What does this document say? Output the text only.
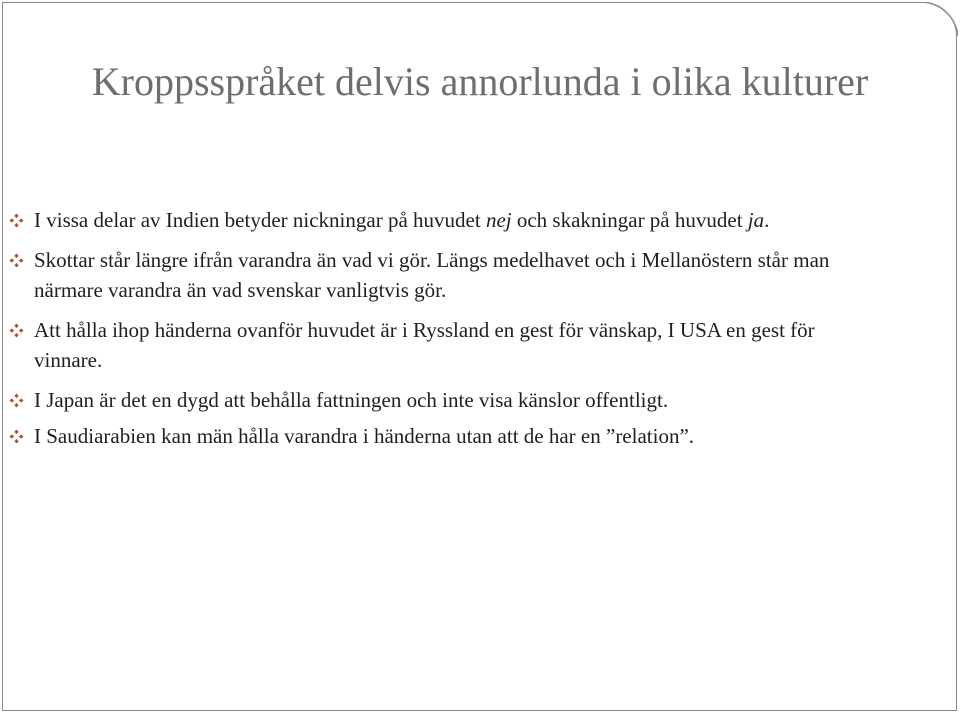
Kroppsspråket delvis annorlunda i olika kulturer
I vissa delar av Indien betyder nickningar på huvudet nej och skakningar på huvudet ja.
Skottar står längre ifrån varandra än vad vi gör. Längs medelhavet och i Mellanöstern står man närmare varandra än vad svenskar vanligtvis gör.
Att hålla ihop händerna ovanför huvudet är i Ryssland en gest för vänskap, I USA en gest för vinnare.
I Japan är det en dygd att behålla fattningen och inte visa känslor offentligt.
I Saudiarabien kan män hålla varandra i händerna utan att de har en ”relation”.
